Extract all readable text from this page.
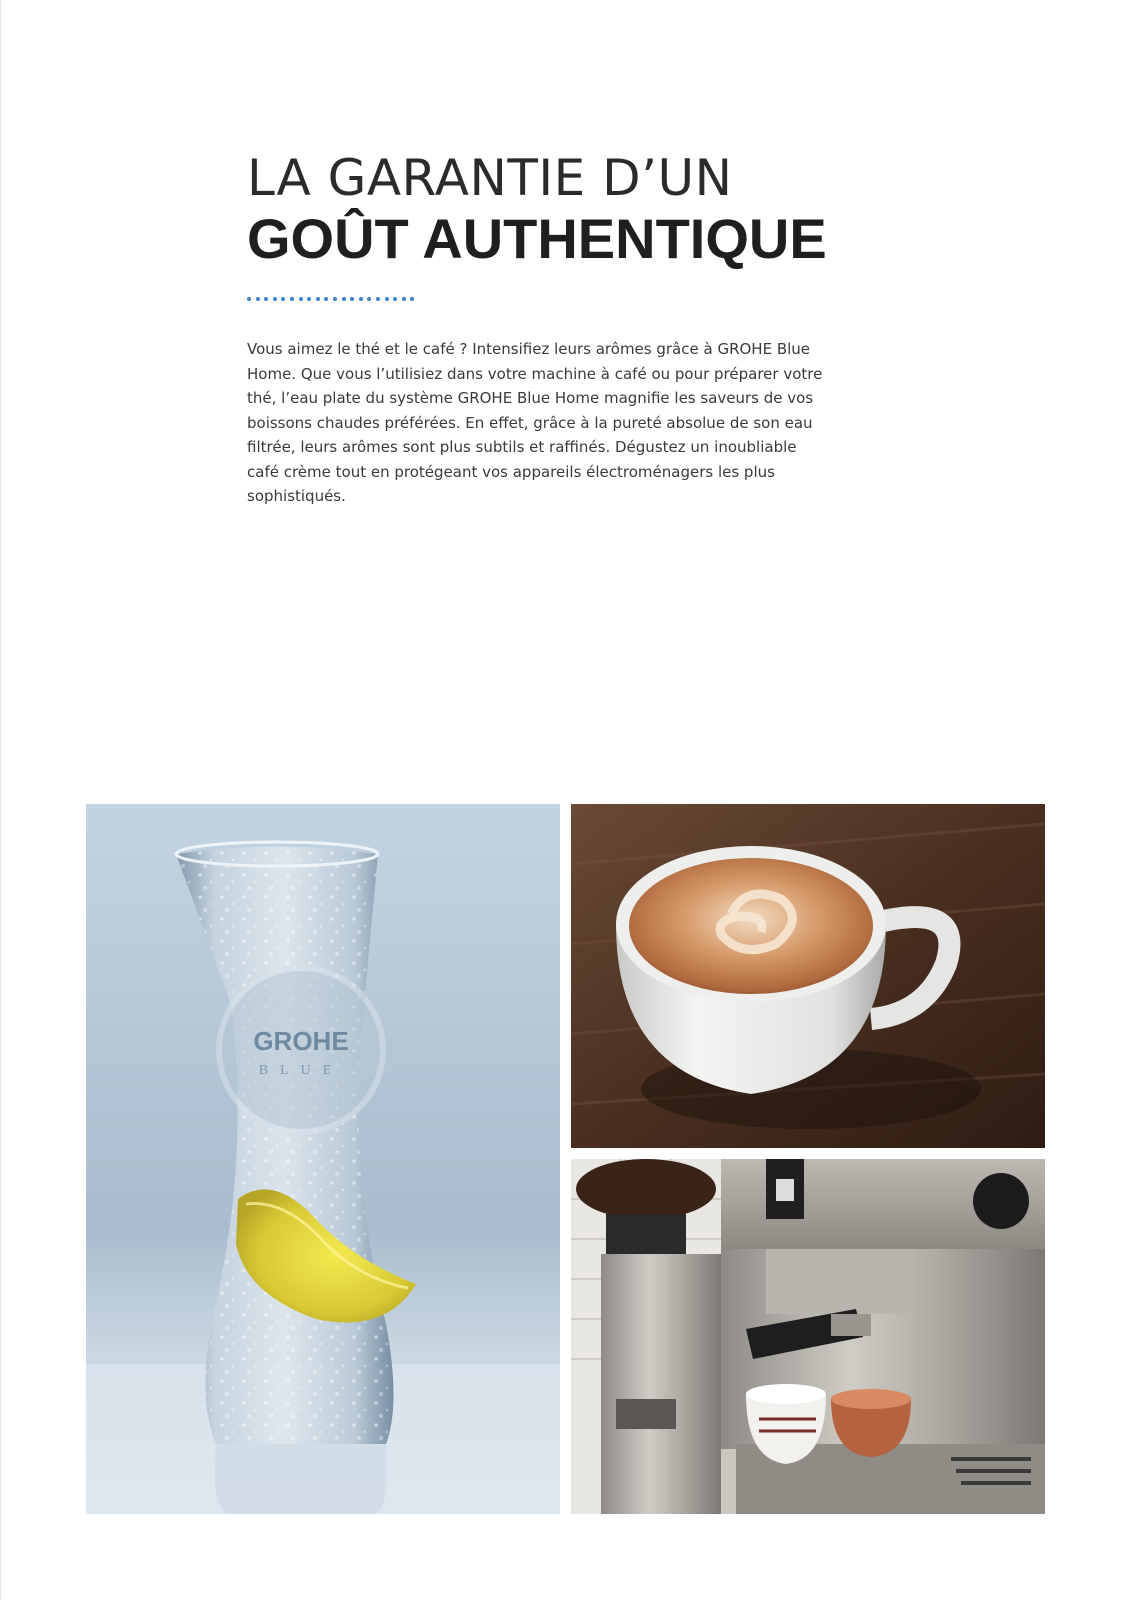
LA GARANTIE D’UN
GOÛT AUTHENTIQUE

Vous aimez le thé et le café ? Intensifiez leurs arômes grâce à GROHE Blue Home. Que vous l’utilisiez dans votre machine à café ou pour préparer votre thé, l’eau plate du système GROHE Blue Home magnifie les saveurs de vos boissons chaudes préférées. En effet, grâce à la pureté absolue de son eau filtrée, leurs arômes sont plus subtils et raffinés. Dégustez un inoubliable café crème tout en protégeant vos appareils électroménagers les plus sophistiqués.

GROHE
BLUE
